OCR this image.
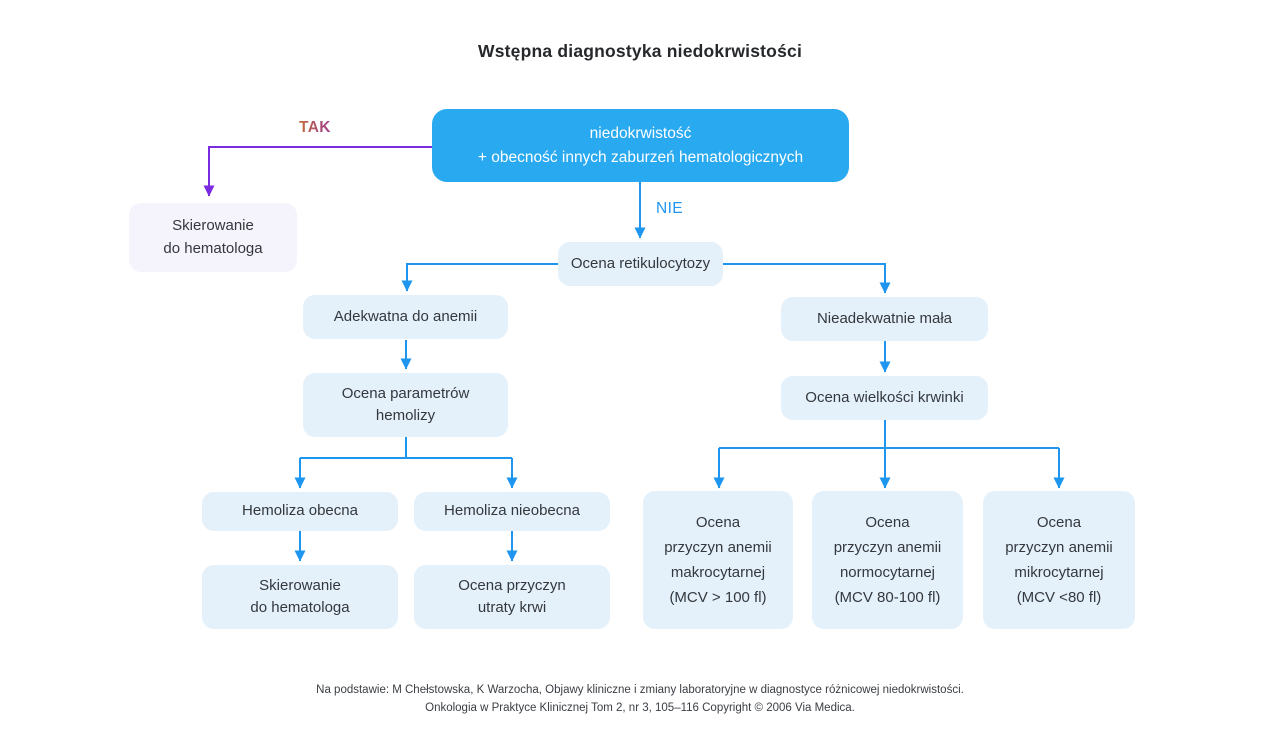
Wstępna diagnostyka niedokrwistości
TAK
NIE
niedokrwistość
+ obecność innych zaburzeń hematologicznych
Skierowanie
do hematologa
Ocena retikulocytozy
Adekwatna do anemii
Ocena parametrów
hemolizy
Hemoliza obecna	Hemoliza nieobecna
Skierowanie
do hematologa
Ocena przyczyn
utraty krwi
Nieadekwatnie mała
Ocena wielkości krwinki
Ocena
przyczyn anemii
makrocytarnej
(MCV > 100 fl)
Ocena
przyczyn anemii
normocytarnej
(MCV 80-100 fl)
Ocena
przyczyn anemii
mikrocytarnej
(MCV <80 fl)
Na podstawie: M Chełstowska, K Warzocha, Objawy kliniczne i zmiany laboratoryjne w diagnostyce różnicowej niedokrwistości.
Onkologia w Praktyce Klinicznej Tom 2, nr 3, 105–116 Copyright © 2006 Via Medica.
